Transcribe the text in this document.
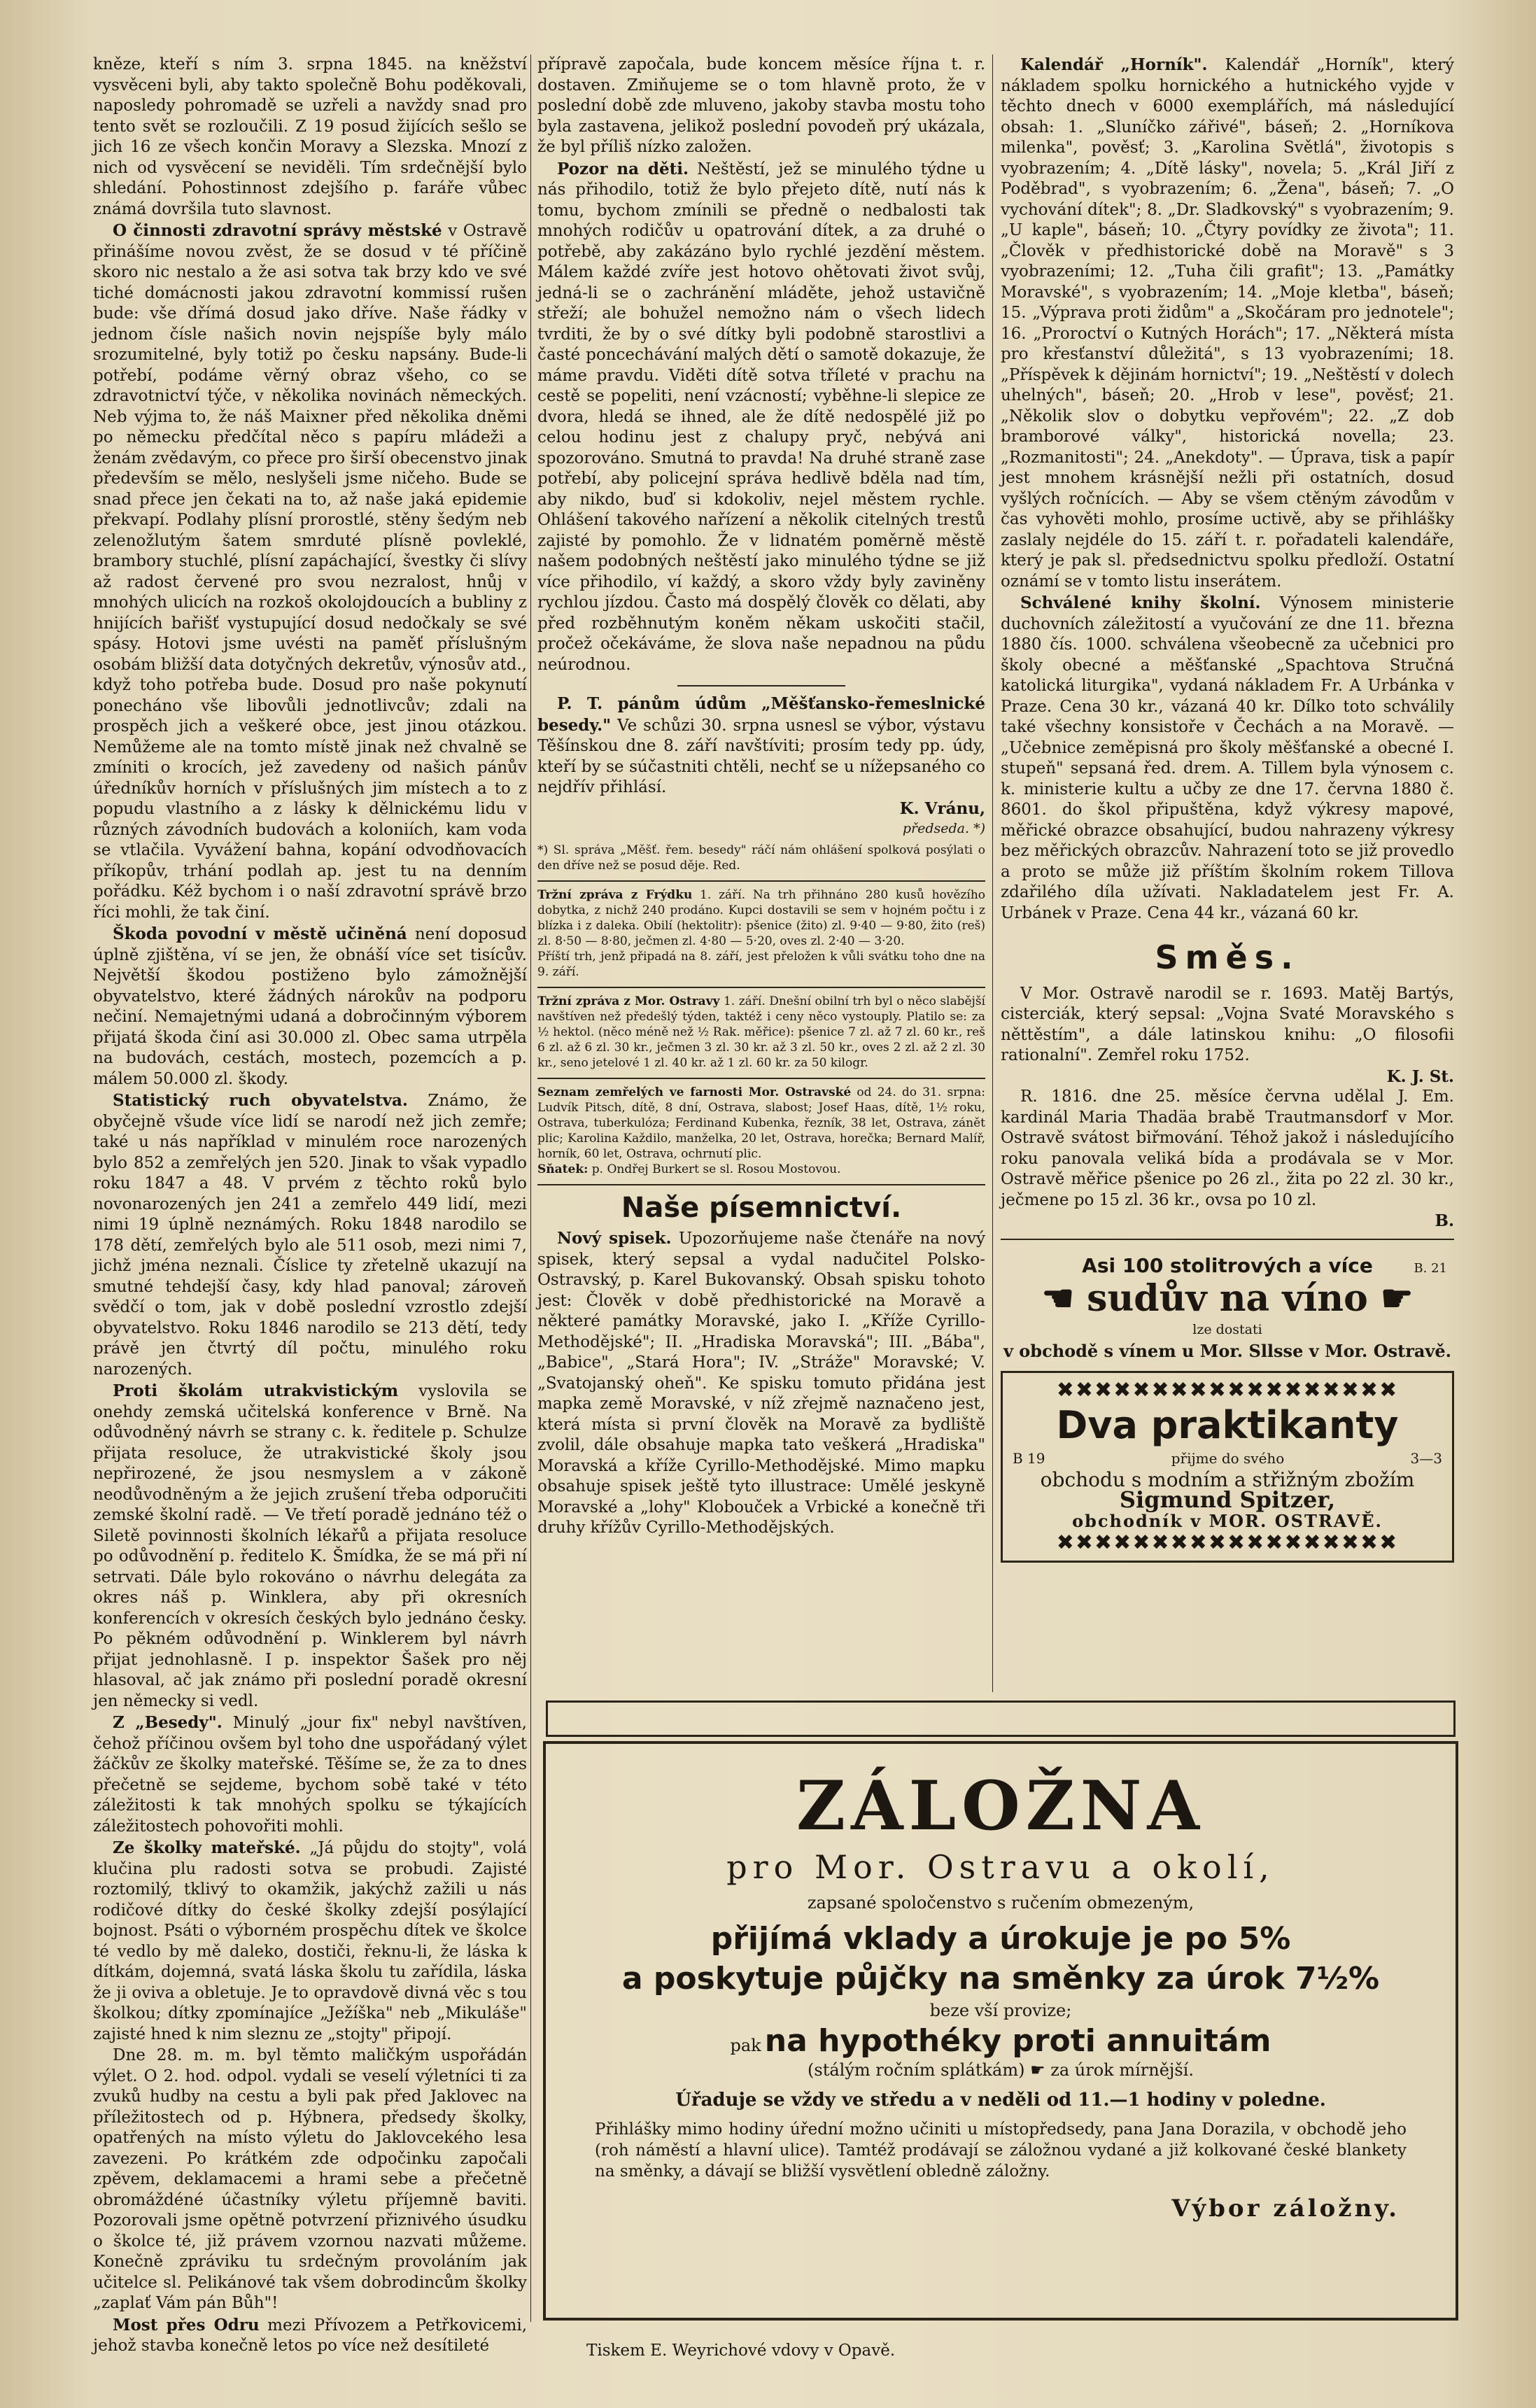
kněze, kteří s ním 3. srpna 1845. na kněžství vysvěceni byli, aby takto společně Bohu poděkovali, naposledy pohromadě se uzřeli a navždy snad pro tento svět se rozloučili. Z 19 posud žijících sešlo se jich 16 ze všech končin Moravy a Slezska. Mnozí z nich od vysvěcení se neviděli. Tím srdečnější bylo shledání. Pohostinnost zdejšího p. faráře vůbec známá dovršila tuto slavnost.

O činnosti zdravotní správy městské v Ostravě přinášíme novou zvěst, že se dosud v té příčině skoro nic nestalo a že asi sotva tak brzy kdo ve své tiché domácnosti jakou zdravotní kommissí rušen bude: vše dřímá dosud jako dříve. Naše řádky v jednom čísle našich novin nejspíše byly málo srozumitelné, byly totiž po česku napsány. Bude-li potřebí, podáme věrný obraz všeho, co se zdravotnictví týče, v několika novinách německých. Neb výjma to, že náš Maixner před několika dněmi po německu předčítal něco s papíru mládeži a ženám zvědavým, co přece pro širší obecenstvo jinak především se mělo, neslyšeli jsme ničeho. Bude se snad přece jen čekati na to, až naše jaká epidemie překvapí. Podlahy plísní prorostlé, stěny šedým neb zelenožlutým šatem smrduté plísně povleklé, brambory stuchlé, plísní zapáchající, švestky či slívy až radost červené pro svou nezralost, hnůj v mnohých ulicích na rozkoš okolojdoucích a bubliny z hnijících bařišť vystupující dosud nedočkaly se své spásy. Hotovi jsme uvésti na paměť příslušným osobám bližší data dotyčných dekretův, výnosův atd., když toho potřeba bude. Dosud pro naše pokynutí ponecháno vše libovůli jednotlivcův; zdali na prospěch jich a veškeré obce, jest jinou otázkou. Nemůžeme ale na tomto místě jinak než chvalně se zmíniti o krocích, jež zavedeny od našich pánův úředníkův horních v příslušných jim místech a to z popudu vlastního a z lásky k dělnickému lidu v různých závodních budovách a koloniích, kam voda se vtlačila. Vyvážení bahna, kopání odvodňovacích příkopův, trhání podlah ap. jest tu na denním pořádku. Kéž bychom i o naší zdravotní správě brzo říci mohli, že tak činí.

Škoda povodní v městě učiněná není doposud úplně zjištěna, ví se jen, že obnáší více set tisícův. Největší škodou postiženo bylo zámožnější obyvatelstvo, které žádných nárokův na podporu nečiní. Nemajetnými udaná a dobročinným výborem přijatá škoda činí asi 30.000 zl. Obec sama utrpěla na budovách, cestách, mostech, pozemcích a p. málem 50.000 zl. škody.

Statistický ruch obyvatelstva. Známo, že obyčejně všude více lidí se narodí než jich zemře; také u nás například v minulém roce narozených bylo 852 a zemřelých jen 520. Jinak to však vypadlo roku 1847 a 48. V prvém z těchto roků bylo novonarozených jen 241 a zemřelo 449 lidí, mezi nimi 19 úplně neznámých. Roku 1848 narodilo se 178 dětí, zemřelých bylo ale 511 osob, mezi nimi 7, jichž jména neznali. Číslice ty zřetelně ukazují na smutné tehdejší časy, kdy hlad panoval; zároveň svědčí o tom, jak v době poslední vzrostlo zdejší obyvatelstvo. Roku 1846 narodilo se 213 dětí, tedy právě jen čtvrtý díl počtu, minulého roku narozených.

Proti školám utrakvistickým vyslovila se onehdy zemská učitelská konference v Brně. Na odůvodněný návrh se strany c. k. ředitele p. Schulze přijata resoluce, že utrakvistické školy jsou nepřirozené, že jsou nesmyslem a v zákoně neodůvodněným a že jejich zrušení třeba odporučiti zemské školní radě. — Ve třetí poradě jednáno též o Siletě povinnosti školních lékařů a přijata resoluce po odůvodnění p. ředitelo K. Šmídka, že se má při ní setrvati. Dále bylo rokováno o návrhu delegáta za okres náš p. Winklera, aby při okresních konferencích v okresích českých bylo jednáno česky. Po pěkném odůvodnění p. Winklerem byl návrh přijat jednohlasně. I p. inspektor Šašek pro něj hlasoval, ač jak známo při poslední poradě okresní jen německy si vedl.

Z „Besedy". Minulý „jour fix" nebyl navštíven, čehož příčinou ovšem byl toho dne uspořádaný výlet žáčkův ze školky mateřské. Těšíme se, že za to dnes přečetně se sejdeme, bychom sobě také v této záležitosti k tak mnohých spolku se týkajících záležitostech pohovořiti mohli.

Ze školky mateřské. „Já půjdu do stojty", volá klučina plu radosti sotva se probudi. Zajisté roztomilý, tklivý to okamžik, jakýchž zažili u nás rodičové dítky do české školky zdejší posýlající bojnost. Psáti o výborném prospěchu dítek ve školce té vedlo by mě daleko, dostiči, řeknu-li, že láska k dítkám, dojemná, svatá láska školu tu zařídila, láska že ji oviva a obletuje. Je to opravdově divná věc s tou školkou; dítky zpomínajíce „Ježíška" neb „Mikuláše" zajisté hned k nim sleznu ze „stojty" připojí.

Dne 28. m. m. byl těmto maličkým uspořádán výlet. O 2. hod. odpol. vydali se veselí výletníci ti za zvuků hudby na cestu a byli pak před Jaklovec na příležitostech od p. Hýbnera, předsedy školky, opatřených na místo výletu do Jaklovcekého lesa zavezeni. Po krátkém zde odpočinku započali zpěvem, deklamacemi a hrami sebe a přečetně obromáždéné účastníky výletu příjemně baviti. Pozorovali jsme opětně potvrzení přiznivého úsudku o školce té, již právem vzornou nazvati můžeme. Konečně zpráviku tu srdečným provoláním jak učitelce sl. Pelikánové tak všem dobrodincům školky „zaplať Vám pán Bůh"!

Most přes Odru mezi Přívozem a Petřkovicemi, jehož stavba konečně letos po více než desítileté

přípravě započala, bude koncem měsíce října t. r. dostaven. Zmiňujeme se o tom hlavně proto, že v poslední době zde mluveno, jakoby stavba mostu toho byla zastavena, jelikož poslední povodeň prý ukázala, že byl příliš nízko založen.

Pozor na děti. Neštěstí, jež se minulého týdne u nás přihodilo, totiž že bylo přejeto dítě, nutí nás k tomu, bychom zmínili se předně o nedbalosti tak mnohých rodičův u opatrování dítek, a za druhé o potřebě, aby zakázáno bylo rychlé jezdění městem. Málem každé zvíře jest hotovo ohětovati život svůj, jedná-li se o zachránění mláděte, jehož ustavičně střeží; ale bohužel nemožno nám o všech lidech tvrditi, že by o své dítky byli podobně starostlivi a časté poncechávání malých dětí o samotě dokazuje, že máme pravdu. Viděti dítě sotva tříleté v prachu na cestě se popeliti, není vzácností; vyběhne-li slepice ze dvora, hledá se ihned, ale že dítě nedospělé již po celou hodinu jest z chalupy pryč, nebývá ani spozorováno. Smutná to pravda! Na druhé straně zase potřebí, aby policejní správa hedlivě bděla nad tím, aby nikdo, buď si kdokoliv, nejel městem rychle. Ohlášení takového nařízení a několik citelných trestů zajisté by pomohlo. Že v lidnatém poměrně městě našem podobných neštěstí jako minulého týdne se již více přihodilo, ví každý, a skoro vždy byly zaviněny rychlou jízdou. Často má dospělý člověk co dělati, aby před rozběhnutým koněm někam uskočiti stačil, pročež očekáváme, že slova naše nepadnou na půdu neúrodnou.

P. T. pánům údům „Měšťansko-řemeslnické besedy." Ve schůzi 30. srpna usnesl se výbor, výstavu Těšínskou dne 8. září navštíviti; prosím tedy pp. údy, kteří by se súčastniti chtěli, nechť se u nížepsaného co nejdřív přihlásí.

K. Vránu,
předseda. *)
*) Sl. správa „Měšť. řem. besedy" ráčí nám ohlášení spolková posýlati o den dříve než se posud děje. Red.
Tržní zpráva z Frýdku 1. září. Na trh přihnáno 280 kusů hovězího dobytka, z nichž 240 prodáno. Kupci dostavili se sem v hojném počtu i z blízka i z daleka. Obilí (hektolitr): pšenice (žito) zl. 9·40 — 9·80, žito (reš) zl. 8·50 — 8·80, ječmen zl. 4·80 — 5·20, oves zl. 2·40 — 3·20.
Příští trh, jenž připadá na 8. září, jest přeložen k vůli svátku toho dne na 9. září.
Tržní zpráva z Mor. Ostravy 1. září. Dnešní obilní trh byl o něco slabější navštíven než předešlý týden, taktéž i ceny něco vystouply. Platilo se: za ½ hektol. (něco méně než ½ Rak. měřice): pšenice 7 zl. až 7 zl. 60 kr., reš 6 zl. až 6 zl. 30 kr., ječmen 3 zl. 30 kr. až 3 zl. 50 kr., oves 2 zl. až 2 zl. 30 kr., seno jetelové 1 zl. 40 kr. až 1 zl. 60 kr. za 50 kilogr.
Seznam zemřelých ve farnosti Mor. Ostravské od 24. do 31. srpna: Ludvík Pitsch, dítě, 8 dní, Ostrava, slabost; Josef Haas, dítě, 1½ roku, Ostrava, tuberkulóza; Ferdinand Kubenka, řezník, 38 let, Ostrava, zánět plic; Karolina Každilo, manželka, 20 let, Ostrava, horečka; Bernard Malíř, horník, 60 let, Ostrava, ochrnutí plic.
Sňatek: p. Ondřej Burkert se sl. Rosou Mostovou.
Naše písemnictví.

Nový spisek. Upozorňujeme naše čtenáře na nový spisek, který sepsal a vydal nadučitel Polsko-Ostravský, p. Karel Bukovanský. Obsah spisku tohoto jest: Člověk v době předhistorické na Moravě a některé památky Moravské, jako I. „Kříže Cyrillo-Methodějské"; II. „Hradiska Moravská"; III. „Bába", „Babice", „Stará Hora"; IV. „Stráže" Moravské; V. „Svatojanský oheň". Ke spisku tomuto přidána jest mapka země Moravské, v níž zřejmě naznačeno jest, která místa si první člověk na Moravě za bydliště zvolil, dále obsahuje mapka tato veškerá „Hradiska" Moravská a kříže Cyrillo-Methodějské. Mimo mapku obsahuje spisek ještě tyto illustrace: Umělé jeskyně Moravské a „lohy" Klobouček a Vrbické a konečně tři druhy křížův Cyrillo-Methodějských.

Kalendář „Horník". Kalendář „Horník", který nákladem spolku hornického a hutnického vyjde v těchto dnech v 6000 exemplářích, má následující obsah: 1. „Sluníčko zářivé", báseň; 2. „Horníkova milenka", pověsť; 3. „Karolina Světlá", životopis s vyobrazením; 4. „Dítě lásky", novela; 5. „Král Jiří z Poděbrad", s vyobrazením; 6. „Žena", báseň; 7. „O vychování dítek"; 8. „Dr. Sladkovský" s vyobrazením; 9. „U kaple", báseň; 10. „Čtyry povídky ze života"; 11. „Člověk v předhistorické době na Moravě" s 3 vyobrazeními; 12. „Tuha čili grafit"; 13. „Památky Moravské", s vyobrazením; 14. „Moje kletba", báseň; 15. „Výprava proti židům" a „Skočáram pro jednotele"; 16. „Proroctví o Kutných Horách"; 17. „Některá místa pro křesťanství důležitá", s 13 vyobrazeními; 18. „Příspěvek k dějinám hornictví"; 19. „Neštěstí v dolech uhelných", báseň; 20. „Hrob v lese", pověsť; 21. „Několik slov o dobytku vepřovém"; 22. „Z dob bramborové války", historická novella; 23. „Rozmanitosti"; 24. „Anekdoty". — Úprava, tisk a papír jest mnohem krásnější nežli při ostatních, dosud vyšlých ročnících. — Aby se všem ctěným závodům v čas vyhověti mohlo, prosíme uctivě, aby se přihlášky zaslaly nejdéle do 15. září t. r. pořadateli kalendáře, který je pak sl. předsednictvu spolku předloží. Ostatní oznámí se v tomto listu inserátem.

Schválené knihy školní. Výnosem ministerie duchovních záležitostí a vyučování ze dne 11. března 1880 čís. 1000. schválena všeobecně za učebnici pro školy obecné a měšťanské „Spachtova Stručná katolická liturgika", vydaná nákladem Fr. A Urbánka v Praze. Cena 30 kr., vázaná 40 kr. Dílko toto schválily také všechny konsistoře v Čechách a na Moravě. — „Učebnice zeměpisná pro školy měšťanské a obecné I. stupeň" sepsaná řed. drem. A. Tillem byla výnosem c. k. ministerie kultu a učby ze dne 17. června 1880 č. 8601. do škol připuštěna, když výkresy mapové, měřické obrazce obsahující, budou nahrazeny výkresy bez měřických obrazcův. Nahrazení toto se již provedlo a proto se může již příštím školním rokem Tillova zdařilého díla užívati. Nakladatelem jest Fr. A. Urbánek v Praze. Cena 44 kr., vázaná 60 kr.

Směs.

V Mor. Ostravě narodil se r. 1693. Matěj Bartýs, cisterciák, který sepsal: „Vojna Svaté Moravského s něttěstím", a dále latinskou knihu: „O filosofii rationalní". Zemřel roku 1752.

K. J. St.

R. 1816. dne 25. měsíce června udělal J. Em. kardinál Maria Thadäa brabě Trautmansdorf v Mor. Ostravě svátost biřmování. Téhož jakož i následujícího roku panovala veliká bída a prodávala se v Mor. Ostravě měřice pšenice po 26 zl., žita po 22 zl. 30 kr., ječmene po 15 zl. 36 kr., ovsa po 10 zl.

B.
Asi 100 stolitrových a více	B. 21
☚ sudův na víno ☛
lze dostati
v obchodě s vínem u Mor. Sllsse v Mor. Ostravě.
✖✖✖✖✖✖✖✖✖✖✖✖✖✖✖✖✖✖
Dva praktikanty
B 19	přijme do svého	3—3
obchodu s modním a střižným zbožím
Sigmund Spitzer,
obchodník v MOR. OSTRAVĚ.
✖✖✖✖✖✖✖✖✖✖✖✖✖✖✖✖✖✖
ZÁLOŽNA
pro Mor. Ostravu a okolí,
zapsané spoločenstvo s ručením obmezeným,
přijímá vklady a úrokuje je po 5%
a poskytuje půjčky na směnky za úrok 7½%
beze vší provize;
pak na hypothéky proti annuitám
(stálým ročním splátkám) ☛ za úrok mírnější.
Úřaduje se vždy ve středu a v neděli od 11.—1 hodiny v poledne.
Přihlášky mimo hodiny úřední možno učiniti u místopředsedy, pana Jana Dorazila, v obchodě jeho (roh náměstí a hlavní ulice). Tamtéž prodávají se záložnou vydané a již kolkované české blankety na směnky, a dávají se bližší vysvětlení obledně záložny.
Výbor záložny.
Tiskem E. Weyrichové vdovy v Opavě.
